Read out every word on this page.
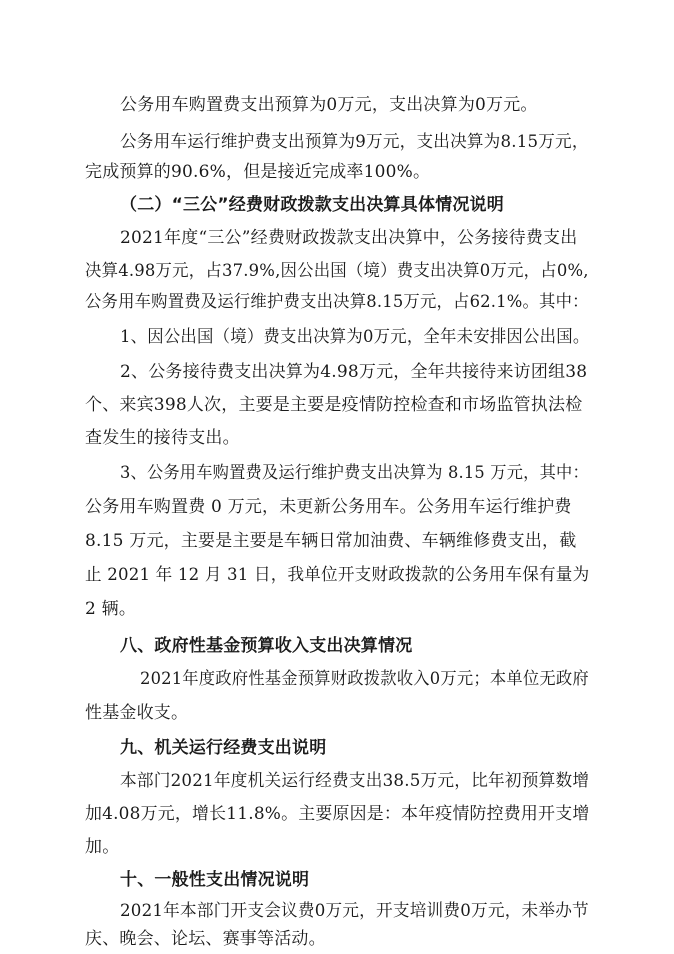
公务用车购置费支出预算为0万元，支出决算为0万元。
公务用车运行维护费支出预算为9万元，支出决算为8.15万元，
完成预算的90.6%，但是接近完成率100%。
（二）“三公”经费财政拨款支出决算具体情况说明
2021年度“三公”经费财政拨款支出决算中，公务接待费支出
决算4.98万元，占37.9%,因公出国（境）费支出决算0万元，占0%,
公务用车购置费及运行维护费支出决算8.15万元，占62.1%。其中：
1、因公出国（境）费支出决算为0万元，全年未安排因公出国。
2、公务接待费支出决算为4.98万元，全年共接待来访团组38
个、来宾398人次，主要是主要是疫情防控检查和市场监管执法检
查发生的接待支出。
3、公务用车购置费及运行维护费支出决算为 8.15 万元，其中：
公务用车购置费 0 万元，未更新公务用车。公务用车运行维护费
8.15 万元，主要是主要是车辆日常加油费、车辆维修费支出，截
止 2021 年 12 月 31 日，我单位开支财政拨款的公务用车保有量为
2 辆。
八、政府性基金预算收入支出决算情况
2021年度政府性基金预算财政拨款收入0万元；本单位无政府
性基金收支。
九、机关运行经费支出说明
本部门2021年度机关运行经费支出38.5万元，比年初预算数增
加4.08万元，增长11.8%。主要原因是：本年疫情防控费用开支增
加。
十、一般性支出情况说明
2021年本部门开支会议费0万元，开支培训费0万元，未举办节
庆、晚会、论坛、赛事等活动。
